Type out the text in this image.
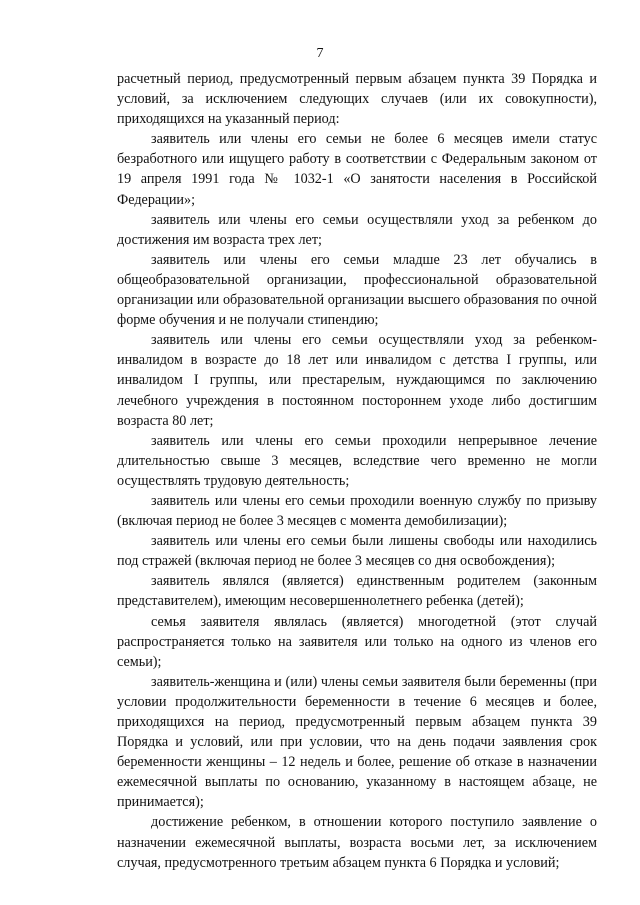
7

расчетный период, предусмотренный первым абзацем пункта 39 Порядка и условий, за исключением следующих случаев (или их совокупности), приходящихся на указанный период:

заявитель или члены его семьи не более 6 месяцев имели статус безработного или ищущего работу в соответствии с Федеральным законом от 19 апреля 1991 года № 1032-1 «О занятости населения в Российской Федерации»;

заявитель или члены его семьи осуществляли уход за ребенком до достижения им возраста трех лет;

заявитель или члены его семьи младше 23 лет обучались в общеобразовательной организации, профессиональной образовательной организации или образовательной организации высшего образования по очной форме обучения и не получали стипендию;

заявитель или члены его семьи осуществляли уход за ребенком-инвалидом в возрасте до 18 лет или инвалидом с детства I группы, или инвалидом I группы, или престарелым, нуждающимся по заключению лечебного учреждения в постоянном постороннем уходе либо достигшим возраста 80 лет;

заявитель или члены его семьи проходили непрерывное лечение длительностью свыше 3 месяцев, вследствие чего временно не могли осуществлять трудовую деятельность;

заявитель или члены его семьи проходили военную службу по призыву (включая период не более 3 месяцев с момента демобилизации);

заявитель или члены его семьи были лишены свободы или находились под стражей (включая период не более 3 месяцев со дня освобождения);

заявитель являлся (является) единственным родителем (законным представителем), имеющим несовершеннолетнего ребенка (детей);

семья заявителя являлась (является) многодетной (этот случай распространяется только на заявителя или только на одного из членов его семьи);

заявитель-женщина и (или) члены семьи заявителя были беременны (при условии продолжительности беременности в течение 6 месяцев и более, приходящихся на период, предусмотренный первым абзацем пункта 39 Порядка и условий, или при условии, что на день подачи заявления срок беременности женщины – 12 недель и более, решение об отказе в назначении ежемесячной выплаты по основанию, указанному в настоящем абзаце, не принимается);

достижение ребенком, в отношении которого поступило заявление о назначении ежемесячной выплаты, возраста восьми лет, за исключением случая, предусмотренного третьим абзацем пункта 6 Порядка и условий;
